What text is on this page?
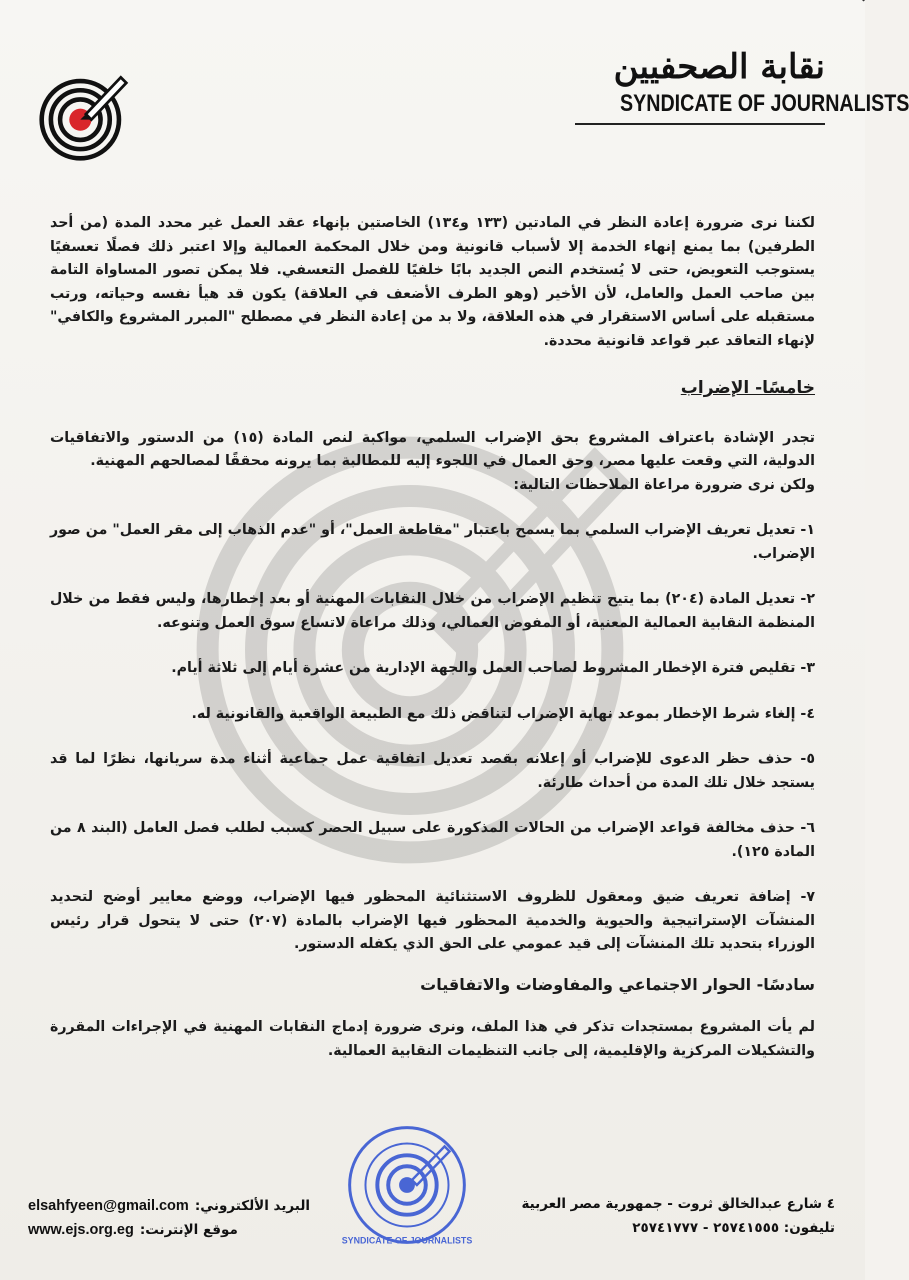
نقابة الصحفيين
SYNDICATE OF JOURNALISTS

لكننا نرى ضرورة إعادة النظر في المادتين (١٣٣ و١٣٤) الخاصتين بإنهاء عقد العمل غير محدد المدة (من أحد الطرفين) بما يمنع إنهاء الخدمة إلا لأسباب قانونية ومن خلال المحكمة العمالية وإلا اعتبر ذلك فصلًا تعسفيًا يستوجب التعويض، حتى لا يُستخدم النص الجديد بابًا خلفيًا للفصل التعسفي. فلا يمكن تصور المساواة التامة بين صاحب العمل والعامل، لأن الأخير (وهو الطرف الأضعف في العلاقة) يكون قد هيأ نفسه وحياته، ورتب مستقبله على أساس الاستقرار في هذه العلاقة، ولا بد من إعادة النظر في مصطلح "المبرر المشروع والكافي" لإنهاء التعاقد عبر قواعد قانونية محددة.

خامسًا- الإضراب

تجدر الإشادة باعتراف المشروع بحق الإضراب السلمي، مواكبة لنص المادة (١٥) من الدستور والاتفاقيات الدولية، التي وقعت عليها مصر، وحق العمال في اللجوء إليه للمطالبة بما يرونه محققًا لمصالحهم المهنية.

ولكن نرى ضرورة مراعاة الملاحظات التالية:

١- تعديل تعريف الإضراب السلمي بما يسمح باعتبار "مقاطعة العمل"، أو "عدم الذهاب إلى مقر العمل" من صور الإضراب.

٢- تعديل المادة (٢٠٤) بما يتيح تنظيم الإضراب من خلال النقابات المهنية أو بعد إخطارها، وليس فقط من خلال المنظمة النقابية العمالية المعنية، أو المفوض العمالي، وذلك مراعاة لاتساع سوق العمل وتنوعه.

٣- تقليص فترة الإخطار المشروط لصاحب العمل والجهة الإدارية من عشرة أيام إلى ثلاثة أيام.

٤- إلغاء شرط الإخطار بموعد نهاية الإضراب لتناقض ذلك مع الطبيعة الواقعية والقانونية له.

٥- حذف حظر الدعوى للإضراب أو إعلانه بقصد تعديل اتفاقية عمل جماعية أثناء مدة سريانها، نظرًا لما قد يستجد خلال تلك المدة من أحداث طارئة.

٦- حذف مخالفة قواعد الإضراب من الحالات المذكورة على سبيل الحصر كسبب لطلب فصل العامل (البند ٨ من المادة ١٢٥).

٧- إضافة تعريف ضيق ومعقول للظروف الاستثنائية المحظور فيها الإضراب، ووضع معايير أوضح لتحديد المنشآت الإستراتيجية والحيوية والخدمية المحظور فيها الإضراب بالمادة (٢٠٧) حتى لا يتحول قرار رئيس الوزراء بتحديد تلك المنشآت إلى قيد عمومي على الحق الذي يكفله الدستور.

سادسًا- الحوار الاجتماعي والمفاوضات والاتفاقيات

لم يأت المشروع بمستجدات تذكر في هذا الملف، ونرى ضرورة إدماج النقابات المهنية في الإجراءات المقررة والتشكيلات المركزية والإقليمية، إلى جانب التنظيمات النقابية العمالية.

SYNDICATE OF JOURNALISTS
elsahfyeen@gmail.com البريد الألكتروني:
www.ejs.org.eg موقع الإنترنت:
٤ شارع عبدالخالق ثروت - جمهورية مصر العربية
تليفون: ٢٥٧٤١٥٥٥ - ٢٥٧٤١٧٧٧
